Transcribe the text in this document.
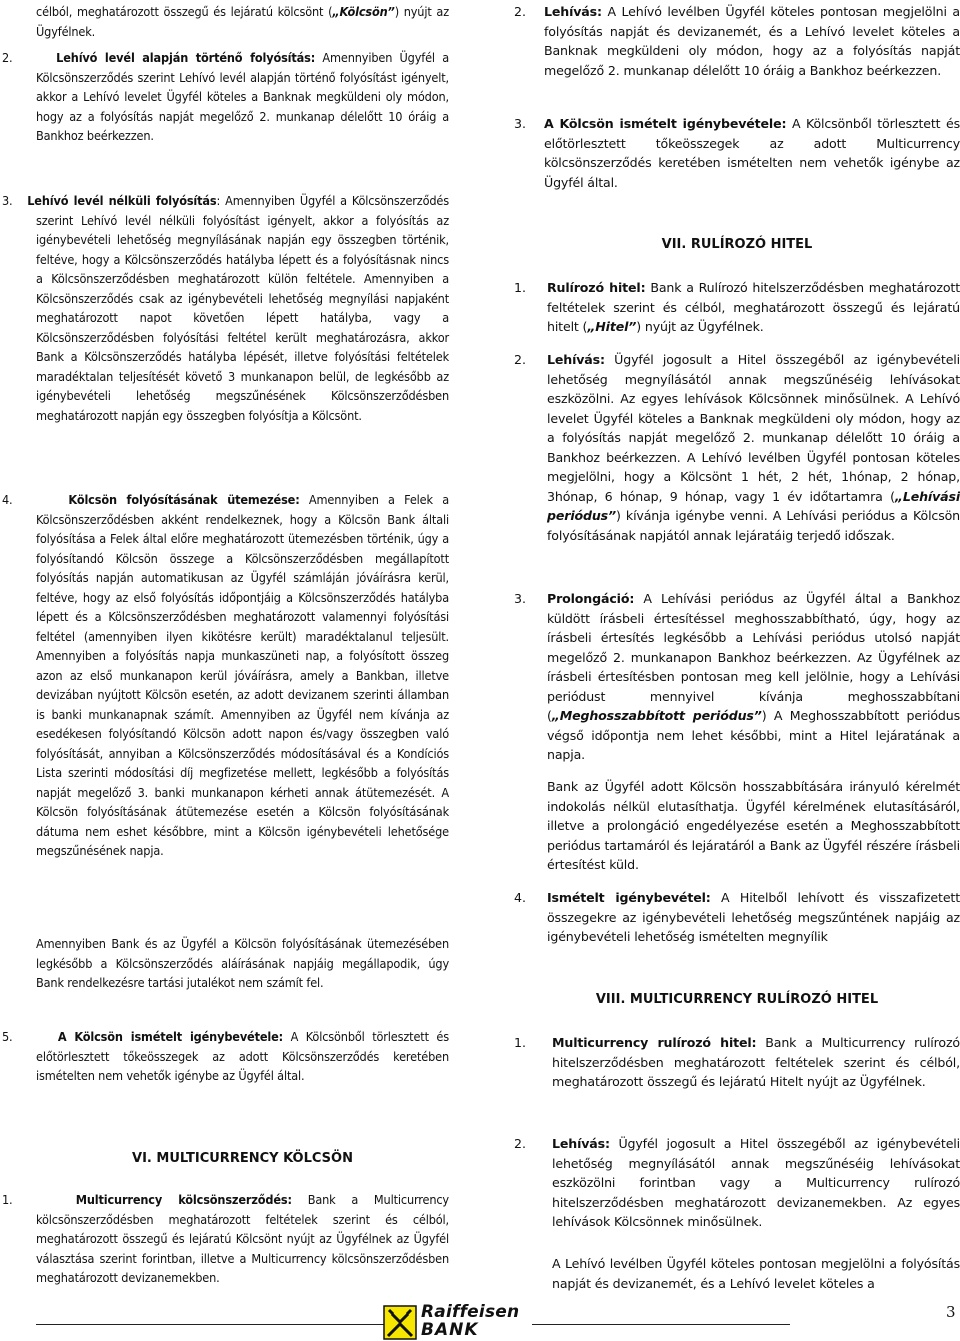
célból, meghatározott összegű és lejáratú kölcsönt („Kölcsön”) nyújt az Ügyfélnek.

2.	Lehívó levél alapján történő folyósítás: Amennyiben Ügyfél a Kölcsönszerződés szerint Lehívó levél alapján történő folyósítást igényelt, akkor a Lehívó levelet Ügyfél köteles a Banknak megküldeni oly módon, hogy az a folyósítás napját megelőző 2. munkanap délelőtt 10 óráig a Bankhoz beérkezzen.

3. Lehívó levél nélküli folyósítás: Amennyiben Ügyfél a Kölcsönszerződés szerint Lehívó levél nélküli folyósítást igényelt, akkor a folyósítás az igénybevételi lehetőség megnyílásának napján egy összegben történik, feltéve, hogy a Kölcsönszerződés hatályba lépett és a folyósításnak nincs a Kölcsönszerződésben meghatározott külön feltétele. Amennyiben a Kölcsönszerződés csak az igénybevételi lehetőség megnyílási napjaként meghatározott napot követően lépett hatályba, vagy a Kölcsönszerződésben folyósítási feltétel került meghatározásra, akkor Bank a Kölcsönszerződés hatályba lépését, illetve folyósítási feltételek maradéktalan teljesítését követő 3 munkanapon belül, de legkésőbb az igénybevételi lehetőség megszűnésének Kölcsönszerződésben meghatározott napján egy összegben folyósítja a Kölcsönt.

4.	Kölcsön folyósításának ütemezése: Amennyiben a Felek a Kölcsönszerződésben akként rendelkeznek, hogy a Kölcsön Bank általi folyósítása a Felek által előre meghatározott ütemezésben történik, úgy a folyósítandó Kölcsön összege a Kölcsönszerződésben megállapított folyósítás napján automatikusan az Ügyfél számláján jóváírásra kerül, feltéve, hogy az első folyósítás időpontjáig a Kölcsönszerződés hatályba lépett és a Kölcsönszerződésben meghatározott valamennyi folyósítási feltétel (amennyiben ilyen kikötésre került) maradéktalanul teljesült. Amennyiben a folyósítás napja munkaszüneti nap, a folyósított összeg azon az első munkanapon kerül jóváírásra, amely a Bankban, illetve devizában nyújtott Kölcsön esetén, az adott devizanem szerinti államban is banki munkanapnak számít. Amennyiben az Ügyfél nem kívánja az esedékesen folyósítandó Kölcsön adott napon és/vagy összegben való folyósítását, annyiban a Kölcsönszerződés módosításával és a Kondíciós Lista szerinti módosítási díj megfizetése mellett, legkésőbb a folyósítás napját megelőző 3. banki munkanapon kérheti annak átütemezését. A Kölcsön folyósításának átütemezése esetén a Kölcsön folyósításának dátuma nem eshet későbbre, mint a Kölcsön igénybevételi lehetősége megszűnésének napja.

Amennyiben Bank és az Ügyfél a Kölcsön folyósításának ütemezésében legkésőbb a Kölcsönszerződés aláírásának napjáig megállapodik, úgy Bank rendelkezésre tartási jutalékot nem számít fel.

5.	A Kölcsön ismételt igénybevétele: A Kölcsönből törlesztett és előtörlesztett tőkeösszegek az adott Kölcsönszerződés keretében ismételten nem vehetők igénybe az Ügyfél által.

VI. MULTICURRENCY KÖLCSÖN

1.	Multicurrency kölcsönszerződés: Bank a Multicurrency kölcsönszerződésben meghatározott feltételek szerint és célból, meghatározott összegű és lejáratú Kölcsönt nyújt az Ügyfélnek az Ügyfél választása szerint forintban, illetve a Multicurrency kölcsönszerződésben meghatározott devizanemekben.

2. Lehívás: A Lehívó levélben Ügyfél köteles pontosan megjelölni a folyósítás napját és devizanemét, és a Lehívó levelet köteles a Banknak megküldeni oly módon, hogy az a folyósítás napját megelőző 2. munkanap délelőtt 10 óráig a Bankhoz beérkezzen.

3. A Kölcsön ismételt igénybevétele: A Kölcsönből törlesztett és előtörlesztett tőkeösszegek az adott Multicurrency kölcsönszerződés keretében ismételten nem vehetők igénybe az Ügyfél által.

VII. RULÍROZÓ HITEL
1. Rulírozó hitel: Bank a Rulírozó hitelszerződésben meghatározott feltételek szerint és célból, meghatározott összegű és lejáratú hitelt („Hitel”) nyújt az Ügyfélnek.

2. Lehívás: Ügyfél jogosult a Hitel összegéből az igénybevételi lehetőség megnyílásától annak megszűnéséig lehívásokat eszközölni. Az egyes lehívások Kölcsönnek minősülnek. A Lehívó levelet Ügyfél köteles a Banknak megküldeni oly módon, hogy az a folyósítás napját megelőző 2. munkanap délelőtt 10 óráig a Bankhoz beérkezzen. A Lehívó levélben Ügyfél pontosan köteles megjelölni, hogy a Kölcsönt 1 hét, 2 hét, 1hónap, 2 hónap, 3hónap, 6 hónap, 9 hónap, vagy 1 év időtartamra („Lehívási periódus”) kívánja igénybe venni. A Lehívási periódus a Kölcsön folyósításának napjától annak lejáratáig terjedő időszak.

3. Prolongáció: A Lehívási periódus az Ügyfél által a Bankhoz küldött írásbeli értesítéssel meghosszabbítható, úgy, hogy az írásbeli értesítés legkésőbb a Lehívási periódus utolsó napját megelőző 2. munkanapon Bankhoz beérkezzen. Az Ügyfélnek az írásbeli értesítésben pontosan meg kell jelölnie, hogy a Lehívási periódust mennyivel kívánja meghosszabbítani („Meghosszabbított periódus”) A Meghosszabbított periódus végső időpontja nem lehet későbbi, mint a Hitel lejáratának a napja.

Bank az Ügyfél adott Kölcsön hosszabbítására irányuló kérelmét indokolás nélkül elutasíthatja. Ügyfél kérelmének elutasításáról, illetve a prolongáció engedélyezése esetén a Meghosszabbított periódus tartamáról és lejáratáról a Bank az Ügyfél részére írásbeli értesítést küld.

4. Ismételt igénybevétel: A Hitelből lehívott és visszafizetett összegekre az igénybevételi lehetőség megszűntének napjáig az igénybevételi lehetőség ismételten megnyílik

VIII. MULTICURRENCY RULÍROZÓ HITEL
1. Multicurrency rulírozó hitel: Bank a Multicurrency rulírozó hitelszerződésben meghatározott feltételek szerint és célból, meghatározott összegű és lejáratú Hitelt nyújt az Ügyfélnek.

2. Lehívás: Ügyfél jogosult a Hitel összegéből az igénybevételi lehetőség megnyílásától annak megszűnéséig lehívásokat eszközölni forintban vagy a Multicurrency rulírozó hitelszerződésben meghatározott devizanemekben. Az egyes lehívások Kölcsönnek minősülnek.

A Lehívó levélben Ügyfél köteles pontosan megjelölni a folyósítás napját és devizanemét, és a Lehívó levelet köteles a

Raiffeisen
BANK
3
